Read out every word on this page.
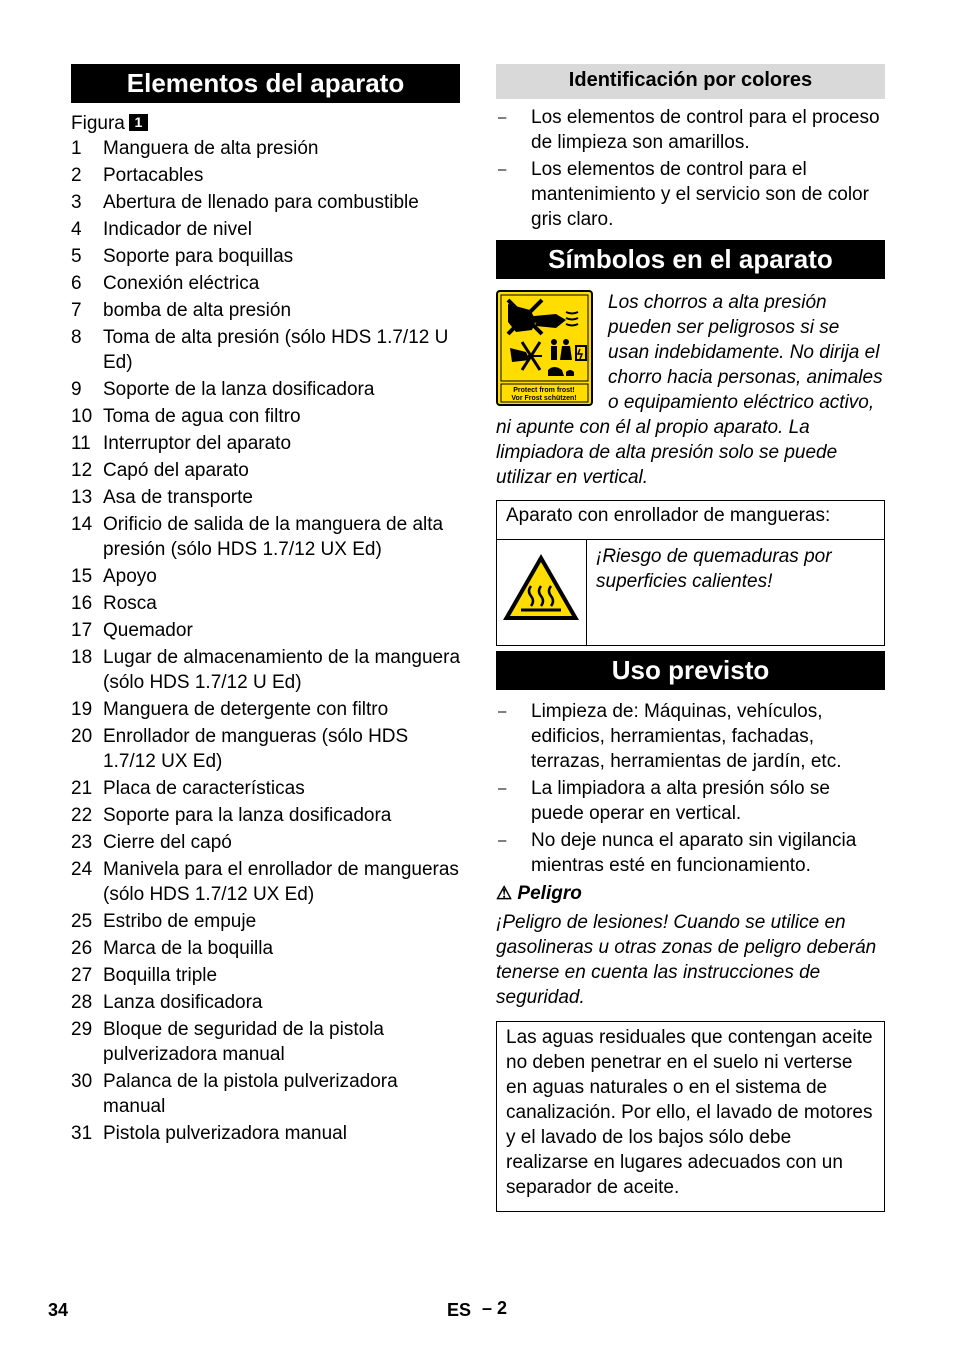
Elementos del aparato
Figura 1
1	Manguera de alta presión
2	Portacables
3	Abertura de llenado para combustible
4	Indicador de nivel
5	Soporte para boquillas
6	Conexión eléctrica
7	bomba de alta presión
8	Toma de alta presión (sólo HDS 1.7/12 U Ed)
9	Soporte de la lanza dosificadora
10 Toma de agua con filtro
11 Interruptor del aparato
12 Capó del aparato
13 Asa de transporte
14 Orificio de salida de la manguera de alta presión (sólo HDS 1.7/12 UX Ed)
15 Apoyo
16 Rosca
17 Quemador
18 Lugar de almacenamiento de la manguera (sólo HDS 1.7/12 U Ed)
19 Manguera de detergente con filtro
20 Enrollador de mangueras (sólo HDS 1.7/12 UX Ed)
21 Placa de características
22 Soporte para la lanza dosificadora
23 Cierre del capó
24 Manivela para el enrollador de mangueras (sólo HDS 1.7/12 UX Ed)
25 Estribo de empuje
26 Marca de la boquilla
27 Boquilla triple
28 Lanza dosificadora
29 Bloque de seguridad de la pistola pulverizadora manual
30 Palanca de la pistola pulverizadora manual
31 Pistola pulverizadora manual
Identificación por colores
–	Los elementos de control para el proceso de limpieza son amarillos.
–	Los elementos de control para el mantenimiento y el servicio son de color gris claro.
Símbolos en el aparato
Protect from frost!
Vor Frost schützen!
Los chorros a alta presión pueden ser peligrosos si se usan indebidamente. No dirija el chorro hacia personas, animales o equipamiento eléctrico activo, ni apunte con él al propio aparato. La limpiadora de alta presión solo se puede utilizar en vertical.
Aparato con enrollador de mangueras:
	¡Riesgo de quemaduras por superficies calientes!
Uso previsto
–	Limpieza de: Máquinas, vehículos, edificios, herramientas, fachadas, terrazas, herramientas de jardín, etc.
–	La limpiadora a alta presión sólo se puede operar en vertical.
–	No deje nunca el aparato sin vigilancia mientras esté en funcionamiento.
⚠ Peligro
¡Peligro de lesiones! Cuando se utilice en gasolineras u otras zonas de peligro deberán tenerse en cuenta las instrucciones de seguridad.
Las aguas residuales que contengan aceite no deben penetrar en el suelo ni verterse en aguas naturales o en el sistema de canalización. Por ello, el lavado de motores y el lavado de los bajos sólo debe realizarse en lugares adecuados con un separador de aceite.
34	ES – 2
